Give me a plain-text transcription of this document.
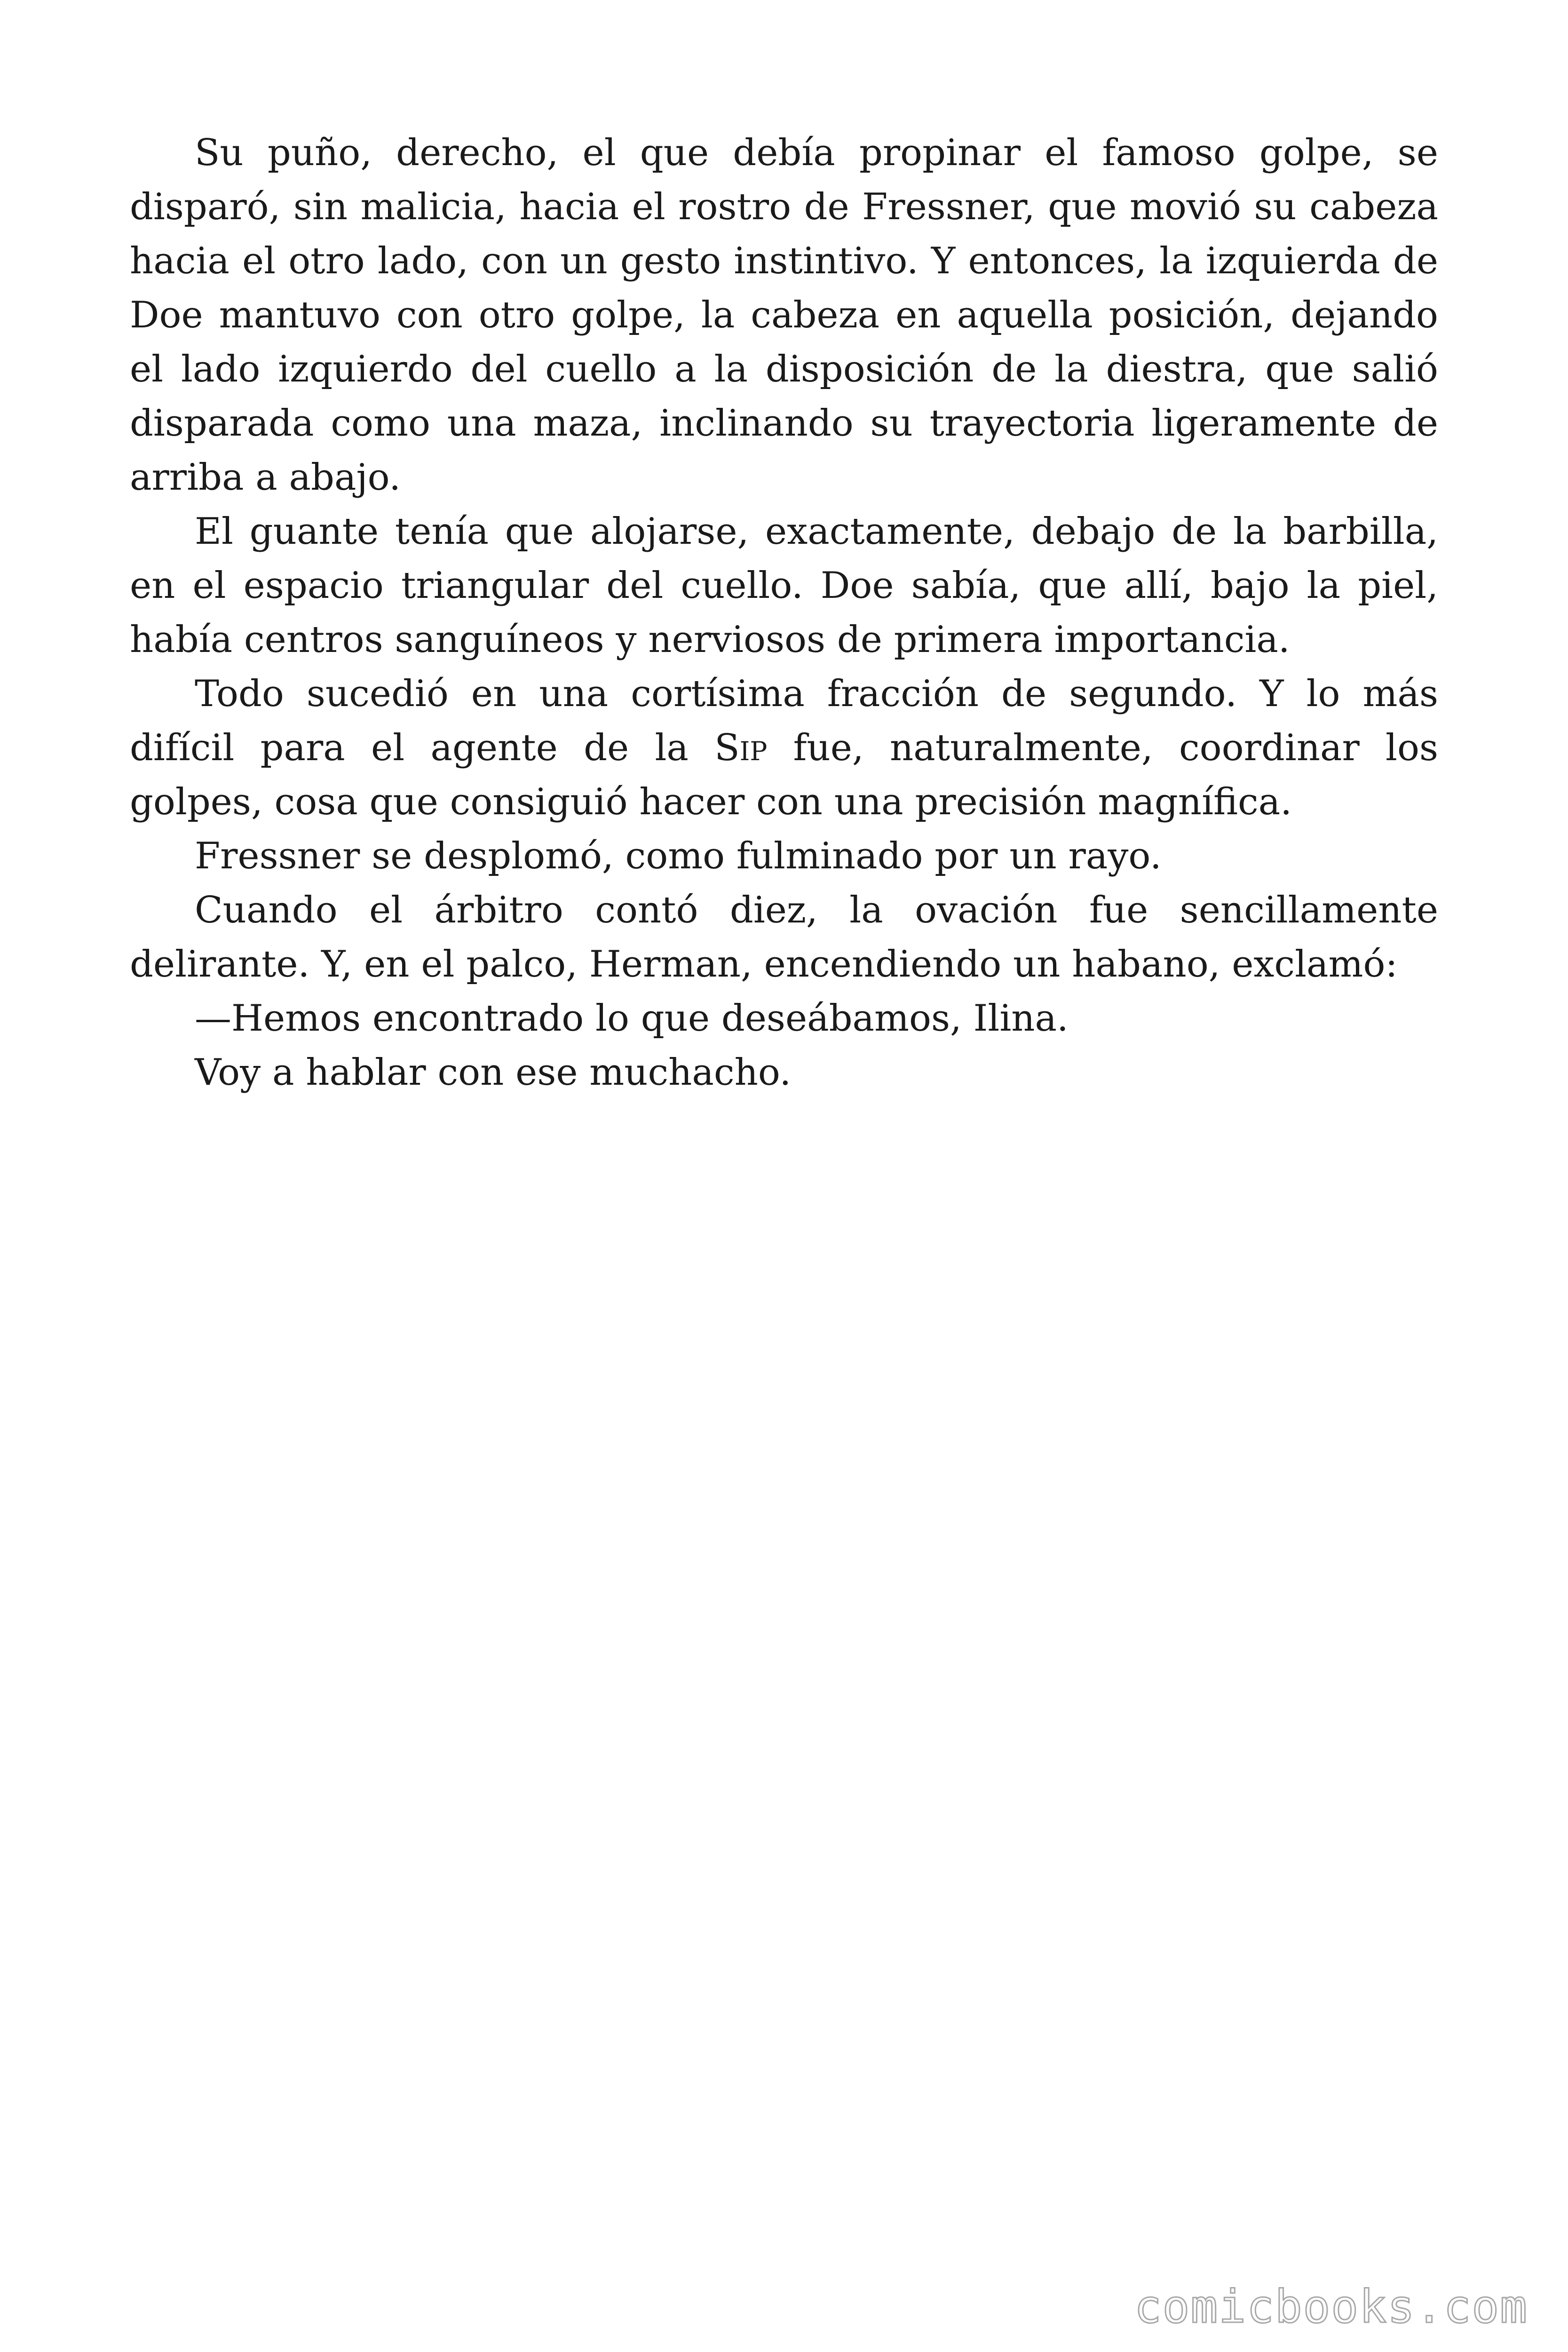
Su puño, derecho, el que debía propinar el famoso golpe, se disparó, sin malicia, hacia el rostro de Fressner, que movió su cabeza hacia el otro lado, con un gesto instintivo. Y entonces, la izquierda de Doe mantuvo con otro golpe, la cabeza en aquella posición, dejando el lado izquierdo del cuello a la disposición de la diestra, que salió disparada como una maza, inclinando su trayectoria ligeramente de arriba a abajo.

El guante tenía que alojarse, exactamente, debajo de la barbilla, en el espacio triangular del cuello. Doe sabía, que allí, bajo la piel, había centros sanguíneos y nerviosos de primera importancia.

Todo sucedió en una cortísima fracción de segundo. Y lo más difícil para el agente de la Sip fue, naturalmente, coordinar los golpes, cosa que consiguió hacer con una precisión magnífica.

Fressner se desplomó, como fulminado por un rayo.

Cuando el árbitro contó diez, la ovación fue sencillamente delirante. Y, en el palco, Herman, encendiendo un habano, exclamó:

—Hemos encontrado lo que deseábamos, Ilina.

Voy a hablar con ese muchacho.

comicbooks.com
